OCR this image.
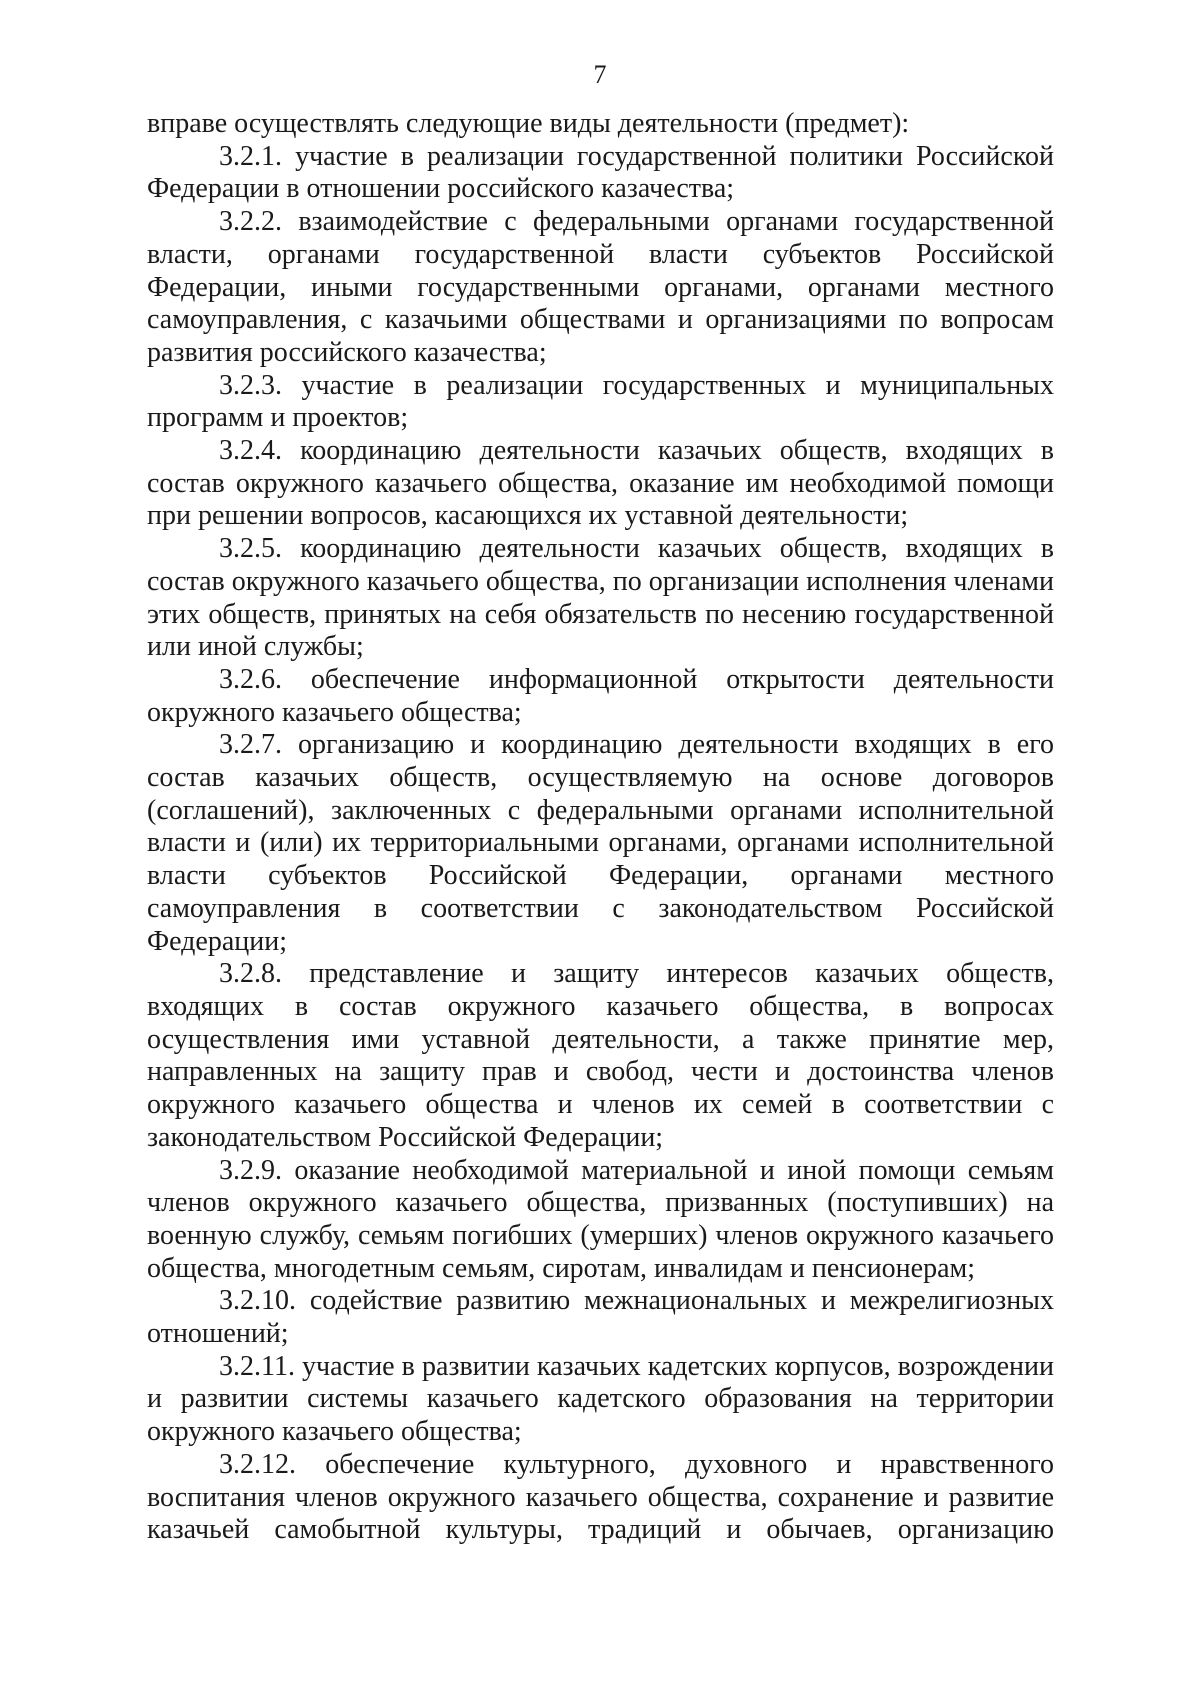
7

вправе осуществлять следующие виды деятельности (предмет):

3.2.1. участие в реализации государственной политики Российской Федерации в отношении российского казачества;

3.2.2. взаимодействие с федеральными органами государственной власти, органами государственной власти субъектов Российской Федерации, иными государственными органами, органами местного самоуправления, с казачьими обществами и организациями по вопросам развития российского казачества;

3.2.3. участие в реализации государственных и муниципальных программ и проектов;

3.2.4. координацию деятельности казачьих обществ, входящих в состав окружного казачьего общества, оказание им необходимой помощи при решении вопросов, касающихся их уставной деятельности;

3.2.5. координацию деятельности казачьих обществ, входящих в состав окружного казачьего общества, по организации исполнения членами этих обществ, принятых на себя обязательств по несению государственной или иной службы;

3.2.6. обеспечение информационной открытости деятельности окружного казачьего общества;

3.2.7. организацию и координацию деятельности входящих в его состав казачьих обществ, осуществляемую на основе договоров (соглашений), заключенных с федеральными органами исполнительной власти и (или) их территориальными органами, органами исполнительной власти субъектов Российской Федерации, органами местного самоуправления в соответствии с законодательством Российской Федерации;

3.2.8. представление и защиту интересов казачьих обществ, входящих в состав окружного казачьего общества, в вопросах осуществления ими уставной деятельности, а также принятие мер, направленных на защиту прав и свобод, чести и достоинства членов окружного казачьего общества и членов их семей в соответствии с законодательством Российской Федерации;

3.2.9. оказание необходимой материальной и иной помощи семьям членов окружного казачьего общества, призванных (поступивших) на военную службу, семьям погибших (умерших) членов окружного казачьего общества, многодетным семьям, сиротам, инвалидам и пенсионерам;

3.2.10. содействие развитию межнациональных и межрелигиозных отношений;

3.2.11. участие в развитии казачьих кадетских корпусов, возрождении и развитии системы казачьего кадетского образования на территории окружного казачьего общества;

3.2.12. обеспечение культурного, духовного и нравственного воспитания членов окружного казачьего общества, сохранение и развитие казачьей самобытной культуры, традиций и обычаев, организацию
